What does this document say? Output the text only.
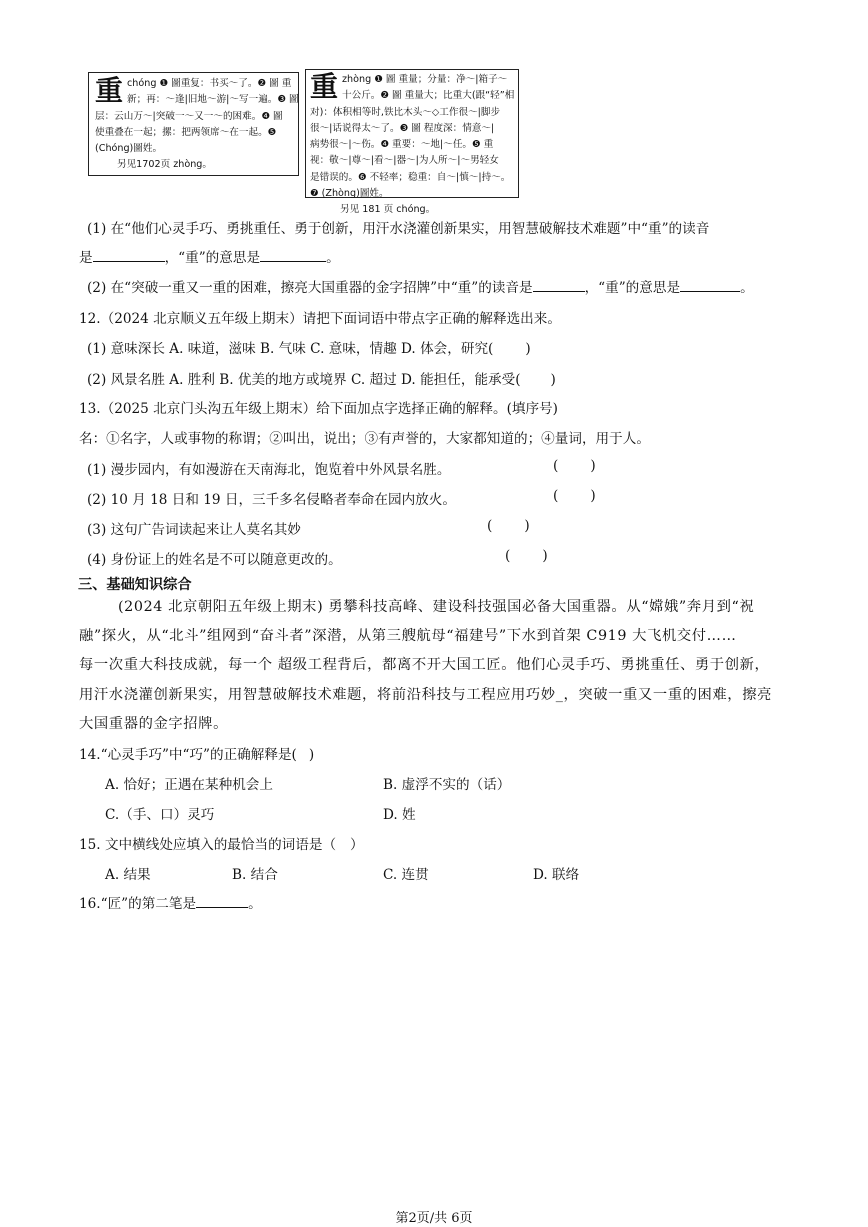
重 chóng ❶ 圖重复：书买～了。❷ 圖 重
新；再：～逢|旧地～游|～写一遍。❸ 圖
层：云山万～|突破一～又一～的困难。❹ 圖
使重叠在一起；摞：把两领席～在一起。❺
(Chóng)圖姓。
另见1702页 zhòng。
重 zhòng ❶ 圖 重量；分量：净～|箱子～
十公斤。❷ 圖 重量大；比重大(跟“轻”相
对)：体积相等时,铁比木头～◇工作很～|脚步
很～|话说得太～了。❸ 圖 程度深：情意～|
病势很～|～伤。❹ 重要：～地|～任。❺ 重
视：敬～|尊～|看～|器～|为人所～|～男轻女
是错误的。❻ 不轻率；稳重：自～|慎～|持～。
❼ (Zhòng)圖姓。
另见 181 页 chóng。
(1) 在“他们心灵手巧、勇挑重任、勇于创新，用汗水浇灌创新果实，用智慧破解技术难题”中“重”的读音
是	，“重”的意思是	。
(2) 在“突破一重又一重的困难，擦亮大国重器的金字招牌”中“重”的读音是	，“重”的意思是	。
12.（2024 北京顺义五年级上期末）请把下面词语中带点字正确的解释选出来。
(1) 意味深长 A. 味道，滋味 B. 气味 C. 意味，情趣 D. 体会，研究( )
(2) 风景名胜 A. 胜利 B. 优美的地方或境界 C. 超过 D. 能担任，能承受( )
13.（2025 北京门头沟五年级上期末）给下面加点字选择正确的解释。(填序号)
名：①名字，人或事物的称谓；②叫出，说出；③有声誉的，大家都知道的；④量词，用于人。
(1) 漫步园内，有如漫游在天南海北，饱览着中外风景名胜。	( )
(2) 10 月 18 日和 19 日，三千多名侵略者奉命在园内放火。	( )
(3) 这句广告词读起来让人莫名其妙	( )
(4) 身份证上的姓名是不可以随意更改的。	( )
三、基础知识综合
(2024 北京朝阳五年级上期末) 勇攀科技高峰、建设科技强国必备大国重器。从“嫦娥”奔月到“祝
融”探火，从“北斗”组网到“奋斗者”深潜，从第三艘航母“福建号”下水到首架 C919 大飞机交付……
每一次重大科技成就，每一个 超级工程背后，都离不开大国工匠。他们心灵手巧、勇挑重任、勇于创新，
用汗水浇灌创新果实，用智慧破解技术难题，将前沿科技与工程应用巧妙_，突破一重又一重的困难，擦亮
大国重器的金字招牌。
14.“心灵手巧”中“巧”的正确解释是( )
A. 恰好；正遇在某种机会上	B. 虚浮不实的（话）
C.（手、口）灵巧	D. 姓
15. 文中横线处应填入的最恰当的词语是（ ）
A. 结果	B. 结合	C. 连贯	D. 联络
16.“匠”的第二笔是	。
第2页/共 6页
